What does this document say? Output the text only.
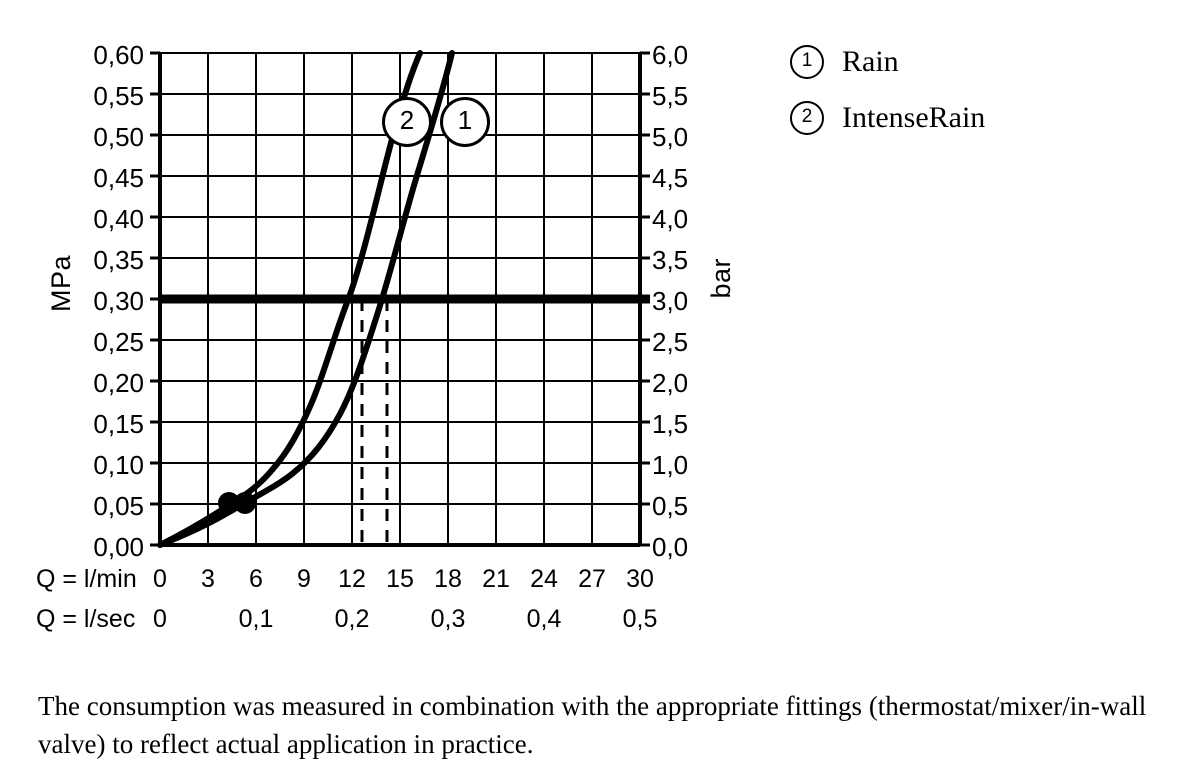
MPa	bar
0,60
0,55
0,50
0,45
0,40
0,35
0,30
0,25
0,20
0,15
0,10
0,05
0,00
6,0
5,5
5,0
4,5
4,0
3,5
3,0
2,5
2,0
1,5
1,0
0,5
0,0
2	1
Q = l/min
Q = l/sec
0	3	6	9	12 15 18 21 24 27 30
0	0,1 0,2 0,3 0,4 0,5
1 Rain
2 IntenseRain

The consumption was measured in combination with the appropriate fittings (thermostat/mixer/in-wall valve) to reflect actual application in practice.
